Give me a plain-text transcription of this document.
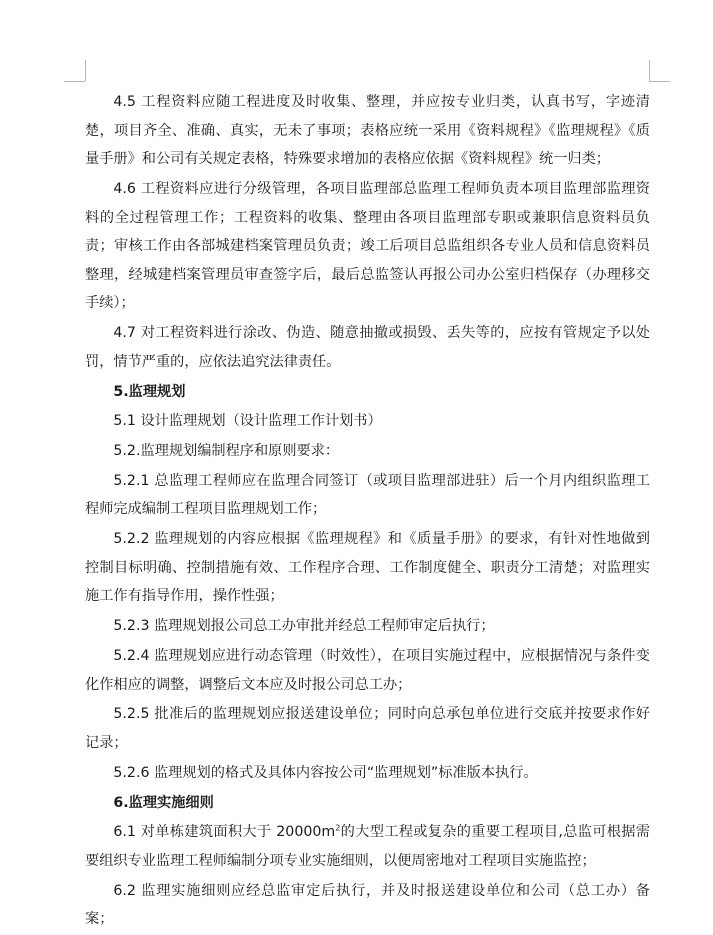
4.5 工程资料应随工程进度及时收集、整理，并应按专业归类，认真书写，字迹清楚，项目齐全、准确、真实，无未了事项；表格应统一采用《资料规程》《监理规程》《质量手册》和公司有关规定表格，特殊要求增加的表格应依据《资料规程》统一归类；

4.6 工程资料应进行分级管理，各项目监理部总监理工程师负责本项目监理部监理资料的全过程管理工作；工程资料的收集、整理由各项目监理部专职或兼职信息资料员负责；审核工作由各部城建档案管理员负责；竣工后项目总监组织各专业人员和信息资料员整理，经城建档案管理员审查签字后，最后总监签认再报公司办公室归档保存（办理移交手续）；

4.7 对工程资料进行涂改、伪造、随意抽撤或损毁、丢失等的，应按有管规定予以处罚，情节严重的，应依法追究法律责任。

5.监理规划

5.1 设计监理规划（设计监理工作计划书）

5.2.监理规划编制程序和原则要求：

5.2.1 总监理工程师应在监理合同签订（或项目监理部进驻）后一个月内组织监理工程师完成编制工程项目监理规划工作；

5.2.2 监理规划的内容应根据《监理规程》和《质量手册》的要求，有针对性地做到控制目标明确、控制措施有效、工作程序合理、工作制度健全、职责分工清楚；对监理实施工作有指导作用，操作性强；

5.2.3 监理规划报公司总工办审批并经总工程师审定后执行；

5.2.4 监理规划应进行动态管理（时效性），在项目实施过程中，应根据情况与条件变化作相应的调整，调整后文本应及时报公司总工办；

5.2.5 批准后的监理规划应报送建设单位；同时向总承包单位进行交底并按要求作好记录；

5.2.6 监理规划的格式及具体内容按公司“监理规划”标准版本执行。

6.监理实施细则

6.1 对单栋建筑面积大于 $20000m^2$的大型工程或复杂的重要工程项目,总监可根据需要组织专业监理工程师编制分项专业实施细则，以便周密地对工程项目实施监控；

6.2 监理实施细则应经总监审定后执行，并及时报送建设单位和公司（总工办）备案；
